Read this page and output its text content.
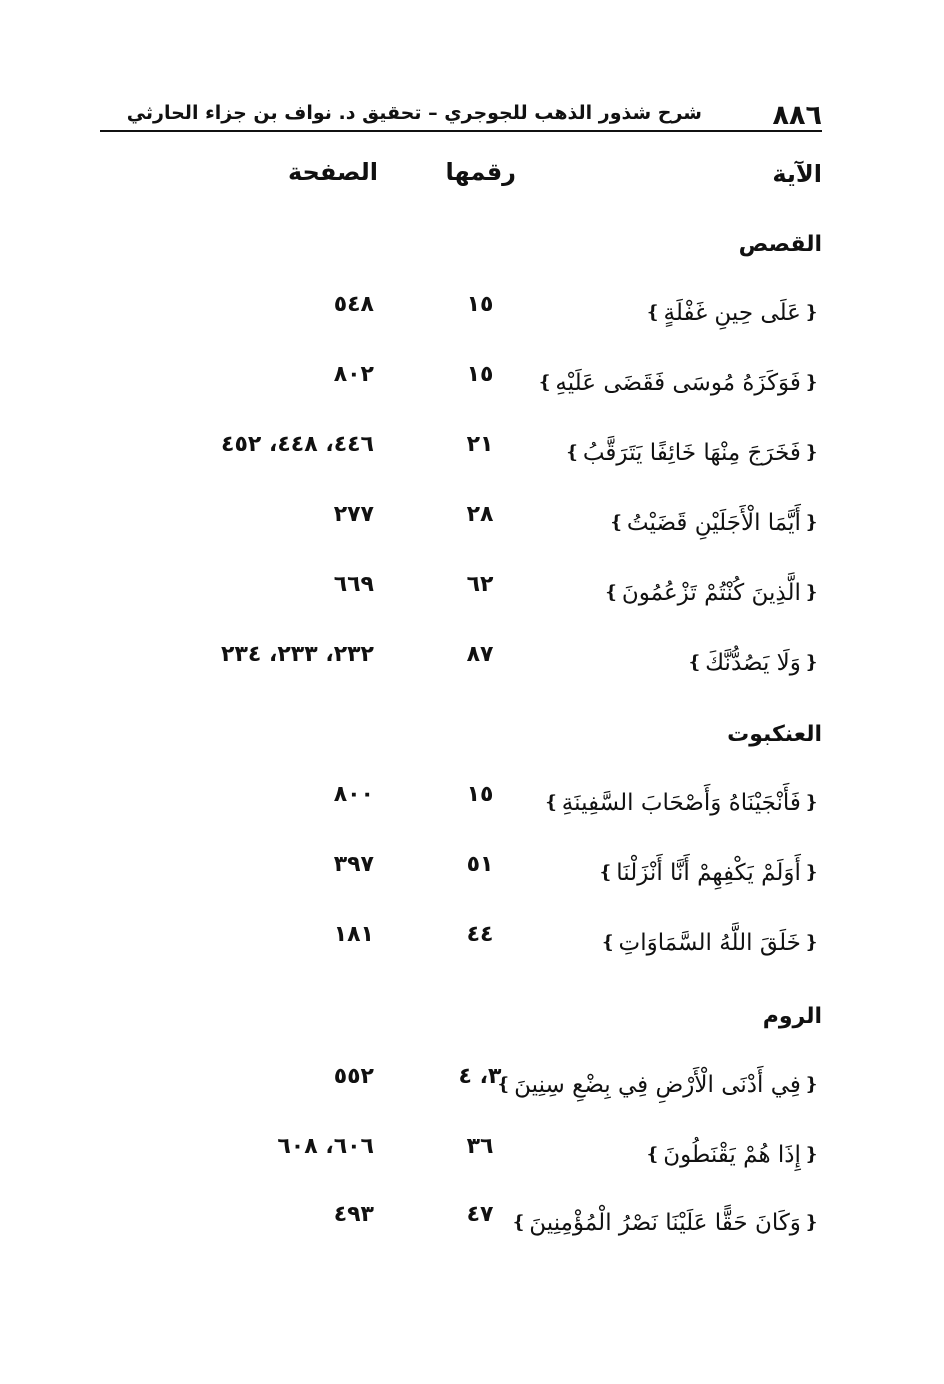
٨٨٦
شرح شذور الذهب للجوجري – تحقيق د. نواف بن جزاء الحارثي
الآية
رقمها
الصفحة
القصص
❴عَلَى حِينِ غَفْلَةٍ❵
١٥
٥٤٨
❴فَوَكَزَهُ مُوسَى فَقَضَى عَلَيْهِ❵
١٥
٨٠٢
❴فَخَرَجَ مِنْهَا خَائِفًا يَتَرَقَّبُ❵
٢١
٤٤٦، ٤٤٨، ٤٥٢
❴أَيَّمَا الْأَجَلَيْنِ قَضَيْتُ❵
٢٨
٢٧٧
❴الَّذِينَ كُنْتُمْ تَزْعُمُونَ❵
٦٢
٦٦٩
❴وَلَا يَصُدُّنَّكَ❵
٨٧
٢٣٢، ٢٣٣، ٢٣٤
العنكبوت
❴فَأَنْجَيْنَاهُ وَأَصْحَابَ السَّفِينَةِ❵
١٥
٨٠٠
❴أَوَلَمْ يَكْفِهِمْ أَنَّا أَنْزَلْنَا❵
٥١
٣٩٧
❴خَلَقَ اللَّهُ السَّمَاوَاتِ❵
٤٤
١٨١
الروم
❴فِي أَدْنَى الْأَرْضِ فِي بِضْعِ سِنِينَ❵
٣، ٤
٥٥٢
❴إِذَا هُمْ يَقْنَطُونَ❵
٣٦
٦٠٦، ٦٠٨
❴وَكَانَ حَقًّا عَلَيْنَا نَصْرُ الْمُؤْمِنِينَ❵
٤٧
٤٩٣
